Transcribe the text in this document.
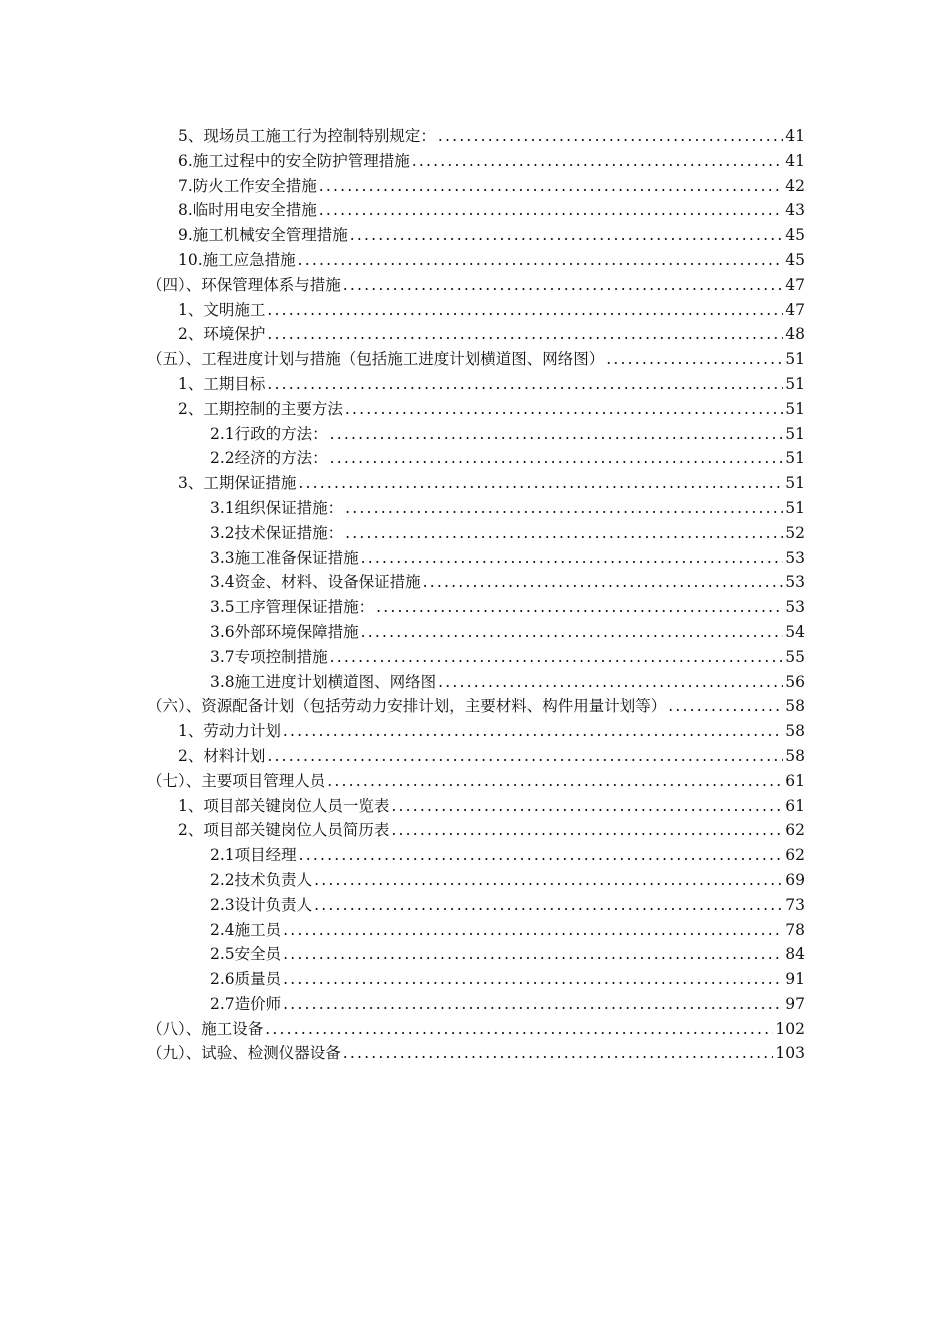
5、现场员工施工行为控制特别规定： .....	41
6.施工过程中的安全防护管理措施 .....	41
7.防火工作安全措施 .....	42
8.临时用电安全措施 .....	43
9.施工机械安全管理措施 .....	45
10.施工应急措施 .....	45
（四）、环保管理体系与措施 .....	47
1、文明施工 .....	47
2、环境保护 .....	48
（五）、工程进度计划与措施（包括施工进度计划横道图、网络图） .....	51
1、工期目标 .....	51
2、工期控制的主要方法 .....	51
2.1行政的方法： .....	51
2.2经济的方法： .....	51
3、工期保证措施 .....	51
3.1组织保证措施： .....	51
3.2技术保证措施： .....	52
3.3施工准备保证措施 .....	53
3.4资金、材料、设备保证措施 .....	53
3.5工序管理保证措施： .....	53
3.6外部环境保障措施 .....	54
3.7专项控制措施 .....	55
3.8施工进度计划横道图、网络图 .....	56
（六）、资源配备计划（包括劳动力安排计划，主要材料、构件用量计划等） .....	58
1、劳动力计划 .....	58
2、材料计划 .....	58
（七）、主要项目管理人员 .....	61
1、项目部关键岗位人员一览表 .....	61
2、项目部关键岗位人员简历表 .....	62
2.1项目经理 .....	62
2.2技术负责人 .....	69
2.3设计负责人 .....	73
2.4施工员 .....	78
2.5安全员 .....	84
2.6质量员 .....	91
2.7造价师 .....	97
（八）、施工设备 .....	102
（九）、试验、检测仪器设备 .....	103
